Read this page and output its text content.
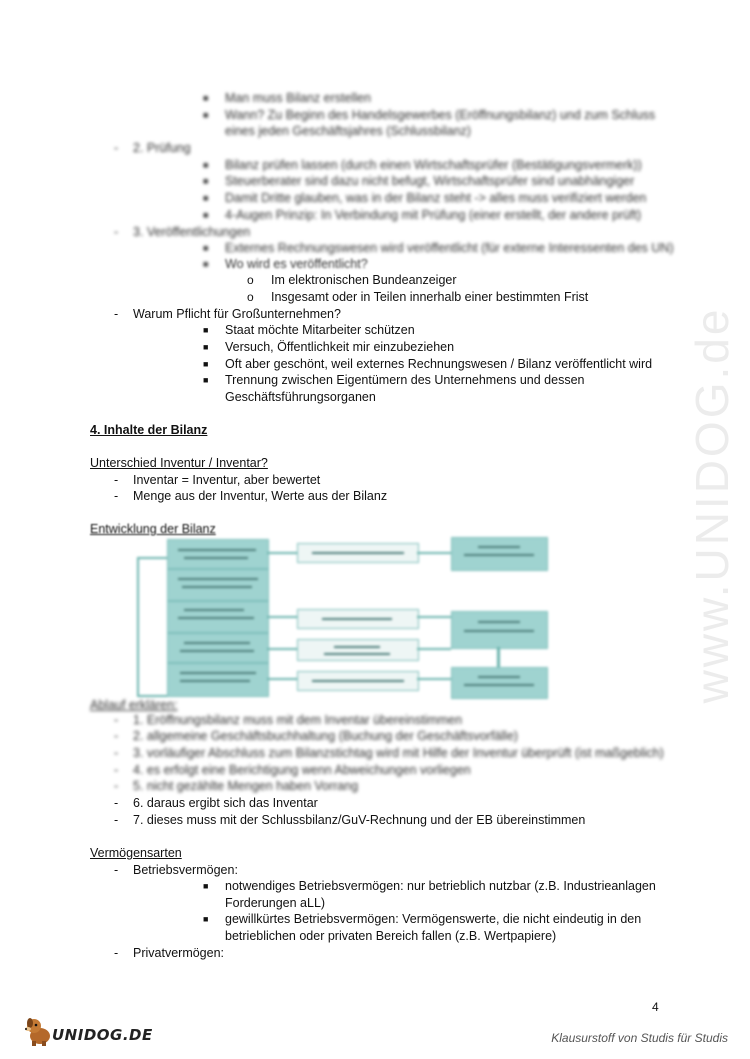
www.UNIDOG.de
■ Man muss Bilanz erstellen
■ Wann? Zu Beginn des Handelsgewerbes (Eröffnungsbilanz) und zum Schluss
eines jeden Geschäftsjahres (Schlussbilanz)
- 2. Prüfung
■ Bilanz prüfen lassen (durch einen Wirtschaftsprüfer (Bestätigungsvermerk))
■ Steuerberater sind dazu nicht befugt, Wirtschaftsprüfer sind unabhängiger
■ Damit Dritte glauben, was in der Bilanz steht -> alles muss verifiziert werden
■ 4-Augen Prinzip: In Verbindung mit Prüfung (einer erstellt, der andere prüft)
- 3. Veröffentlichungen
■ Externes Rechnungswesen wird veröffentlicht (für externe Interessenten des UN)
■ Wo wird es veröffentlicht?
o Im elektronischen Bundeanzeiger
o Insgesamt oder in Teilen innerhalb einer bestimmten Frist
- Warum Pflicht für Großunternehmen?
■ Staat möchte Mitarbeiter schützen
■ Versuch, Öffentlichkeit mir einzubeziehen
■ Oft aber geschönt, weil externes Rechnungswesen / Bilanz veröffentlicht wird
■ Trennung zwischen Eigentümern des Unternehmens und dessen
Geschäftsführungsorganen
4. Inhalte der Bilanz
Unterschied Inventur / Inventar?
- Inventar = Inventur, aber bewertet
- Menge aus der Inventur, Werte aus der Bilanz
Entwicklung der Bilanz
Ablauf erklären:
- 1. Eröffnungsbilanz muss mit dem Inventar übereinstimmen
- 2. allgemeine Geschäftsbuchhaltung (Buchung der Geschäftsvorfälle)
- 3. vorläufiger Abschluss zum Bilanzstichtag wird mit Hilfe der Inventur überprüft (ist maßgeblich)
- 4. es erfolgt eine Berichtigung wenn Abweichungen vorliegen
- 5. nicht gezählte Mengen haben Vorrang
- 6. daraus ergibt sich das Inventar
- 7. dieses muss mit der Schlussbilanz/GuV-Rechnung und der EB übereinstimmen
Vermögensarten
- Betriebsvermögen:
■ notwendiges Betriebsvermögen: nur betrieblich nutzbar (z.B. Industrieanlagen
Forderungen aLL)
■ gewillkürtes Betriebsvermögen: Vermögenswerte, die nicht eindeutig in den
betrieblichen oder privaten Bereich fallen (z.B. Wertpapiere)
- Privatvermögen:
4
UNIDOG.DE	Klausurstoff von Studis für Studis
